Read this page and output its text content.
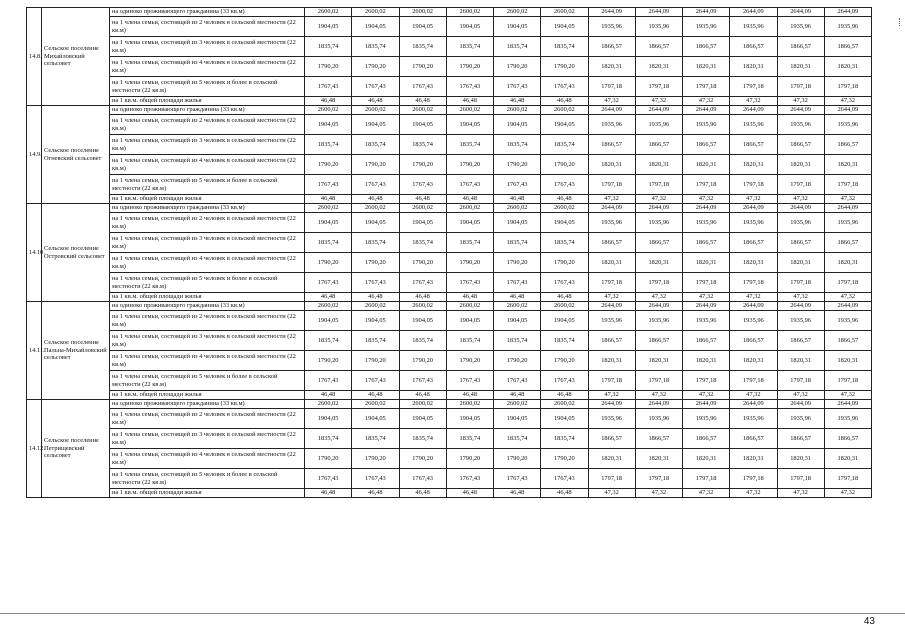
14.8.	Сельское поселение Михайловский сельсовет	на одиноко проживающего гражданина (33 кв.м)	2600,02	2600,02	2600,02	2600,02	2600,02	2600,02	2644,09	2644,09	2644,09	2644,09	2644,09	2644,09
		на 1 члена семьи, состоящей из 2 человек в сельской местности (22 кв.м)	1904,05	1904,05	1904,05	1904,05	1904,05	1904,05	1935,96	1935,96	1935,96	1935,96	1935,96	1935,96
		на 1 члена семьи, состоящей из 3 человек в сельской местности (22 кв.м)	1835,74	1835,74	1835,74	1835,74	1835,74	1835,74	1866,57	1866,57	1866,57	1866,57	1866,57	1866,57
		на 1 члена семьи, состоящей из 4 человек в сельской местности (22 кв.м)	1790,20	1790,20	1790,20	1790,20	1790,20	1790,20	1820,31	1820,31	1820,31	1820,31	1820,31	1820,31
		на 1 члена семьи, состоящей из 5 человек и более в сельской местности (22 кв.м)	1767,43	1767,43	1767,43	1767,43	1767,43	1767,43	1797,18	1797,18	1797,18	1797,18	1797,18	1797,18
		на 1 кв.м. общей площади жилья	46,48	46,48	46,48	46,48	46,48	46,48	47,32	47,32	47,32	47,32	47,32	47,32
14.9.	Сельское поселение Огневский сельсовет	на одиноко проживающего гражданина (33 кв.м)	2600,02	2600,02	2600,02	2600,02	2600,02	2600,02	2644,09	2644,09	2644,09	2644,09	2644,09	2644,09
		на 1 члена семьи, состоящей из 2 человек в сельской местности (22 кв.м)	1904,05	1904,05	1904,05	1904,05	1904,05	1904,05	1935,96	1935,96	1935,96	1935,96	1935,96	1935,96
		на 1 члена семьи, состоящей из 3 человек в сельской местности (22 кв.м)	1835,74	1835,74	1835,74	1835,74	1835,74	1835,74	1866,57	1866,57	1866,57	1866,57	1866,57	1866,57
		на 1 члена семьи, состоящей из 4 человек в сельской местности (22 кв.м)	1790,20	1790,20	1790,20	1790,20	1790,20	1790,20	1820,31	1820,31	1820,31	1820,31	1820,31	1820,31
		на 1 члена семьи, состоящей из 5 человек и более в сельской местности (22 кв.м)	1767,43	1767,43	1767,43	1767,43	1767,43	1767,43	1797,18	1797,18	1797,18	1797,18	1797,18	1797,18
		на 1 кв.м. общей площади жилья	46,48	46,48	46,48	46,48	46,48	46,48	47,32	47,32	47,32	47,32	47,32	47,32
14.10.	Сельское поселение Островский сельсовет	на одиноко проживающего гражданина (33 кв.м)	2600,02	2600,02	2600,02	2600,02	2600,02	2600,02	2644,09	2644,09	2644,09	2644,09	2644,09	2644,09
		на 1 члена семьи, состоящей из 2 человек в сельской местности (22 кв.м)	1904,05	1904,05	1904,05	1904,05	1904,05	1904,05	1935,96	1935,96	1935,96	1935,96	1935,96	1935,96
		на 1 члена семьи, состоящей из 3 человек в сельской местности (22 кв.м)	1835,74	1835,74	1835,74	1835,74	1835,74	1835,74	1866,57	1866,57	1866,57	1866,57	1866,57	1866,57
		на 1 члена семьи, состоящей из 4 человек в сельской местности (22 кв.м)	1790,20	1790,20	1790,20	1790,20	1790,20	1790,20	1820,31	1820,31	1820,31	1820,31	1820,31	1820,31
		на 1 члена семьи, состоящей из 5 человек и более в сельской местности (22 кв.м)	1767,43	1767,43	1767,43	1767,43	1767,43	1767,43	1797,18	1797,18	1797,18	1797,18	1797,18	1797,18
		на 1 кв.м. общей площади жилья	46,48	46,48	46,48	46,48	46,48	46,48	47,32	47,32	47,32	47,32	47,32	47,32
14.11.	Сельское поселение Пальна-Михайловский сельсовет	на одиноко проживающего гражданина (33 кв.м)	2600,02	2600,02	2600,02	2600,02	2600,02	2600,02	2644,09	2644,09	2644,09	2644,09	2644,09	2644,09
		на 1 члена семьи, состоящей из 2 человек в сельской местности (22 кв.м)	1904,05	1904,05	1904,05	1904,05	1904,05	1904,05	1935,96	1935,96	1935,96	1935,96	1935,96	1935,96
		на 1 члена семьи, состоящей из 3 человек в сельской местности (22 кв.м)	1835,74	1835,74	1835,74	1835,74	1835,74	1835,74	1866,57	1866,57	1866,57	1866,57	1866,57	1866,57
		на 1 члена семьи, состоящей из 4 человек в сельской местности (22 кв.м)	1790,20	1790,20	1790,20	1790,20	1790,20	1790,20	1820,31	1820,31	1820,31	1820,31	1820,31	1820,31
		на 1 члена семьи, состоящей из 5 человек и более в сельской местности (22 кв.м)	1767,43	1767,43	1767,43	1767,43	1767,43	1767,43	1797,18	1797,18	1797,18	1797,18	1797,18	1797,18
		на 1 кв.м. общей площади жилья	46,48	46,48	46,48	46,48	46,48	46,48	47,32	47,32	47,32	47,32	47,32	47,32
14.12.	Сельское поселение Петрищевский сельсовет	на одиноко проживающего гражданина (33 кв.м)	2600,02	2600,02	2600,02	2600,02	2600,02	2600,02	2644,09	2644,09	2644,09	2644,09	2644,09	2644,09
		на 1 члена семьи, состоящей из 2 человек в сельской местности (22 кв.м)	1904,05	1904,05	1904,05	1904,05	1904,05	1904,05	1935,96	1935,96	1935,96	1935,96	1935,96	1935,96
		на 1 члена семьи, состоящей из 3 человек в сельской местности (22 кв.м)	1835,74	1835,74	1835,74	1835,74	1835,74	1835,74	1866,57	1866,57	1866,57	1866,57	1866,57	1866,57
		на 1 члена семьи, состоящей из 4 человек в сельской местности (22 кв.м)	1790,20	1790,20	1790,20	1790,20	1790,20	1790,20	1820,31	1820,31	1820,31	1820,31	1820,31	1820,31
		на 1 члена семьи, состоящей из 5 человек и более в сельской местности (22 кв.м)	1767,43	1767,43	1767,43	1767,43	1767,43	1767,43	1797,18	1797,18	1797,18	1797,18	1797,18	1797,18
		на 1 кв.м. общей площади жилья	46,48	46,48	46,48	46,48	46,48	46,48	47,32	47,32	47,32	47,32	47,32	47,32
43
